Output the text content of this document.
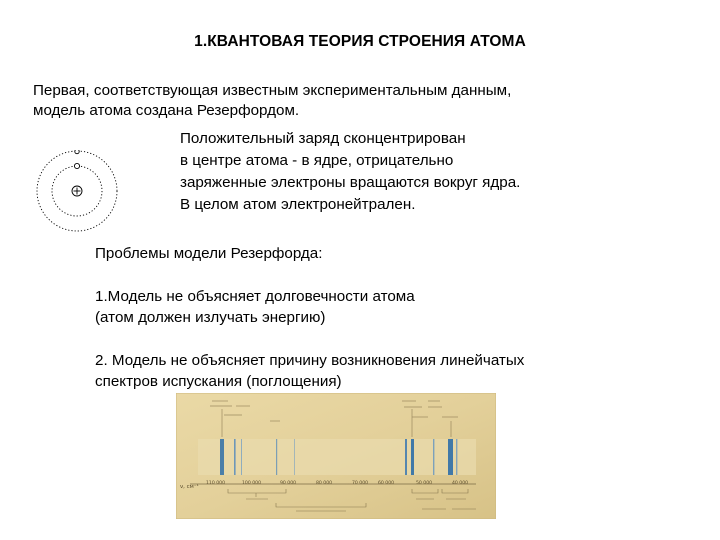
1.КВАНТОВАЯ ТЕОРИЯ СТРОЕНИЯ АТОМА
Первая, соответствующая известным экспериментальным данным,
модель атома создана Резерфордом.
Положительный заряд сконцентрирован
в центре атома - в ядре, отрицательно
заряженные электроны вращаются вокруг ядра.
В целом атом электронейтрален.
Проблемы модели Резерфорда:
1.Модель не объясняет долговечности атома
(атом должен излучать энергию)
2. Модель не объясняет причину возникновения линейчатых
спектров испускания (поглощения)
ν, см⁻¹
110 000	100 000	90 000	80 000	70 000 60 000	50 000	40 000
